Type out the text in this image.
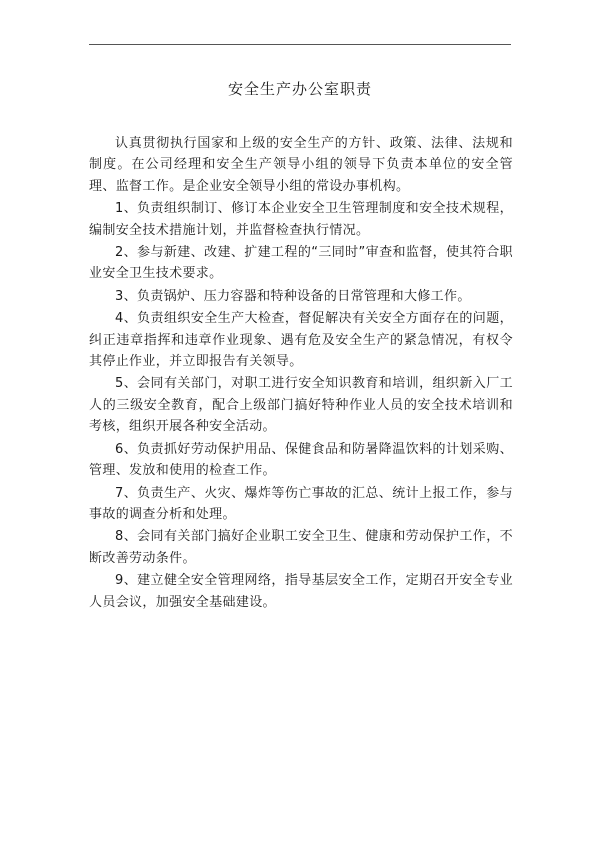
安全生产办公室职责

认真贯彻执行国家和上级的安全生产的方针、政策、法律、法规和制度。在公司经理和安全生产领导小组的领导下负责本单位的安全管理、监督工作。是企业安全领导小组的常设办事机构。

1、负责组织制订、修订本企业安全卫生管理制度和安全技术规程，编制安全技术措施计划，并监督检查执行情况。

2、参与新建、改建、扩建工程的“三同时”审查和监督，使其符合职业安全卫生技术要求。

3、负责锅炉、压力容器和特种设备的日常管理和大修工作。

4、负责组织安全生产大检查，督促解决有关安全方面存在的问题，纠正违章指挥和违章作业现象、遇有危及安全生产的紧急情况，有权令其停止作业，并立即报告有关领导。

5、会同有关部门，对职工进行安全知识教育和培训，组织新入厂工人的三级安全教育，配合上级部门搞好特种作业人员的安全技术培训和考核，组织开展各种安全活动。

6、负责抓好劳动保护用品、保健食品和防暑降温饮料的计划采购、管理、发放和使用的检查工作。

7、负责生产、火灾、爆炸等伤亡事故的汇总、统计上报工作，参与事故的调查分析和处理。

8、会同有关部门搞好企业职工安全卫生、健康和劳动保护工作，不断改善劳动条件。

9、建立健全安全管理网络，指导基层安全工作，定期召开安全专业人员会议，加强安全基础建设。
